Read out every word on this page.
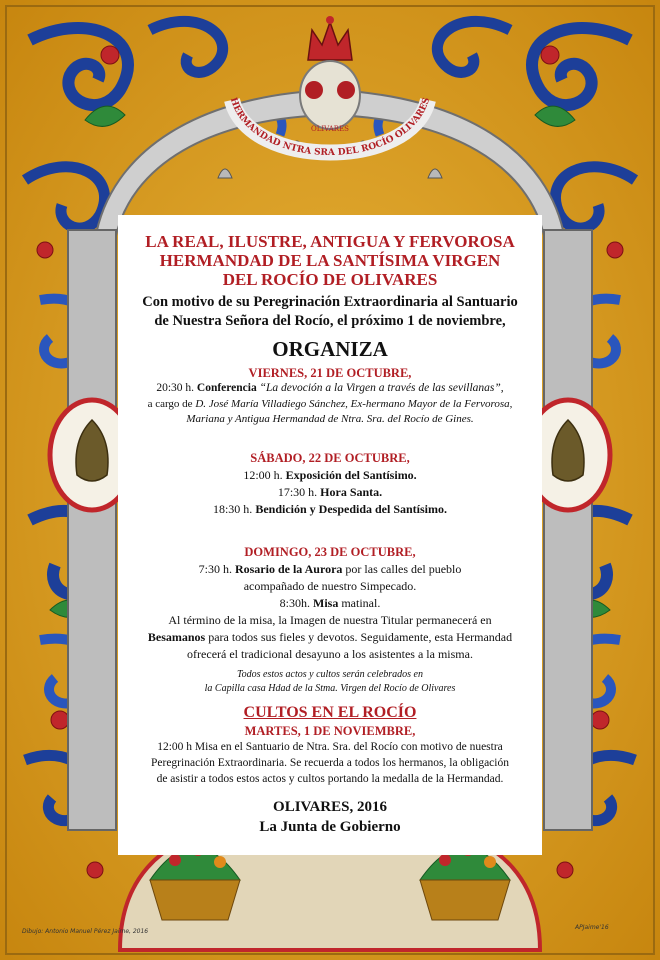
HERMANDAD NTRA SRA DEL ROCÍO OLIVARES
OLIVARES
LA REAL, ILUSTRE, ANTIGUA Y FERVOROSA
HERMANDAD DE LA SANTÍSIMA VIRGEN
DEL ROCÍO DE OLIVARES
Con motivo de su Peregrinación Extraordinaria al Santuario
de Nuestra Señora del Rocío, el próximo 1 de noviembre,
ORGANIZA
VIERNES, 21 DE OCTUBRE,
20:30 h. Conferencia “La devoción a la Virgen a través de las sevillanas”,
a cargo de D. José María Villadiego Sánchez, Ex-hermano Mayor de la Fervorosa,
Mariana y Antigua Hermandad de Ntra. Sra. del Rocío de Gines.
SÁBADO, 22 DE OCTUBRE,
12:00 h. Exposición del Santísimo.
17:30 h. Hora Santa.
18:30 h. Bendición y Despedida del Santísimo.
DOMINGO, 23 DE OCTUBRE,
7:30 h. Rosario de la Aurora por las calles del pueblo
acompañado de nuestro Simpecado.
8:30h. Misa matinal.
Al término de la misa, la Imagen de nuestra Titular permanecerá en
Besamanos para todos sus fieles y devotos. Seguidamente, esta Hermandad
ofrecerá el tradicional desayuno a los asistentes a la misma.
Todos estos actos y cultos serán celebrados en
la Capilla casa Hdad de la Stma. Virgen del Rocío de Olivares
CULTOS EN EL ROCÍO
MARTES, 1 DE NOVIEMBRE,
12:00 h Misa en el Santuario de Ntra. Sra. del Rocío con motivo de nuestra
Peregrinación Extraordinaria. Se recuerda a todos los hermanos, la obligación
de asistir a todos estos actos y cultos portando la medalla de la Hermandad.
OLIVARES, 2016
La Junta de Gobierno
Dibujo: Antonio Manuel Pérez Jaime, 2016
APJaime'16
